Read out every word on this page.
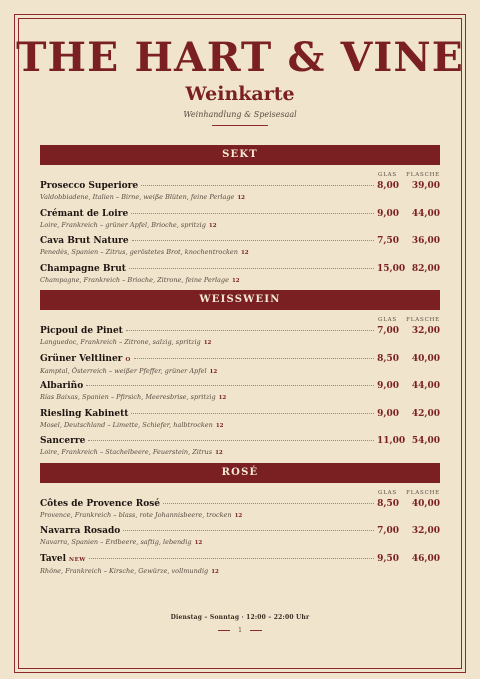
THE HART & VINE
Weinkarte
Weinhandlung & Speisesaal
SEKT
GLAS	FLASCHE
Prosecco Superiore	8,00	39,00
Valdobbiadene, Italien – Birne, weiße Blüten, feine Perlage 12
Crémant de Loire	9,00	44,00
Loire, Frankreich – grüner Apfel, Brioche, spritzig 12
Cava Brut Nature	7,50	36,00
Penedès, Spanien – Zitrus, geröstetes Brot, knochentrocken 12
Champagne Brut	15,00 82,00
Champagne, Frankreich – Brioche, Zitrone, feine Perlage 12
WEISSWEIN
GLAS	FLASCHE
Picpoul de Pinet	7,00	32,00
Languedoc, Frankreich – Zitrone, salzig, spritzig 12
Grüner Veltliner O	8,50	40,00
Kamptal, Österreich – weißer Pfeffer, grüner Apfel 12
Albariño	9,00	44,00
Rías Baixas, Spanien – Pfirsich, Meeresbrise, spritzig 12
Riesling Kabinett	9,00	42,00
Mosel, Deutschland – Limette, Schiefer, halbtrocken 12
Sancerre	11,00 54,00
Loire, Frankreich – Stachelbeere, Feuerstein, Zitrus 12
ROSÉ
GLAS	FLASCHE
Côtes de Provence Rosé	8,50	40,00
Provence, Frankreich – blass, rote Johannisbeere, trocken 12
Navarra Rosado	7,00	32,00
Navarra, Spanien – Erdbeere, saftig, lebendig 12
Tavel NEW	9,50	46,00
Rhône, Frankreich – Kirsche, Gewürze, vollmundig 12
Dienstag – Sonntag · 12:00 – 22:00 Uhr
1
